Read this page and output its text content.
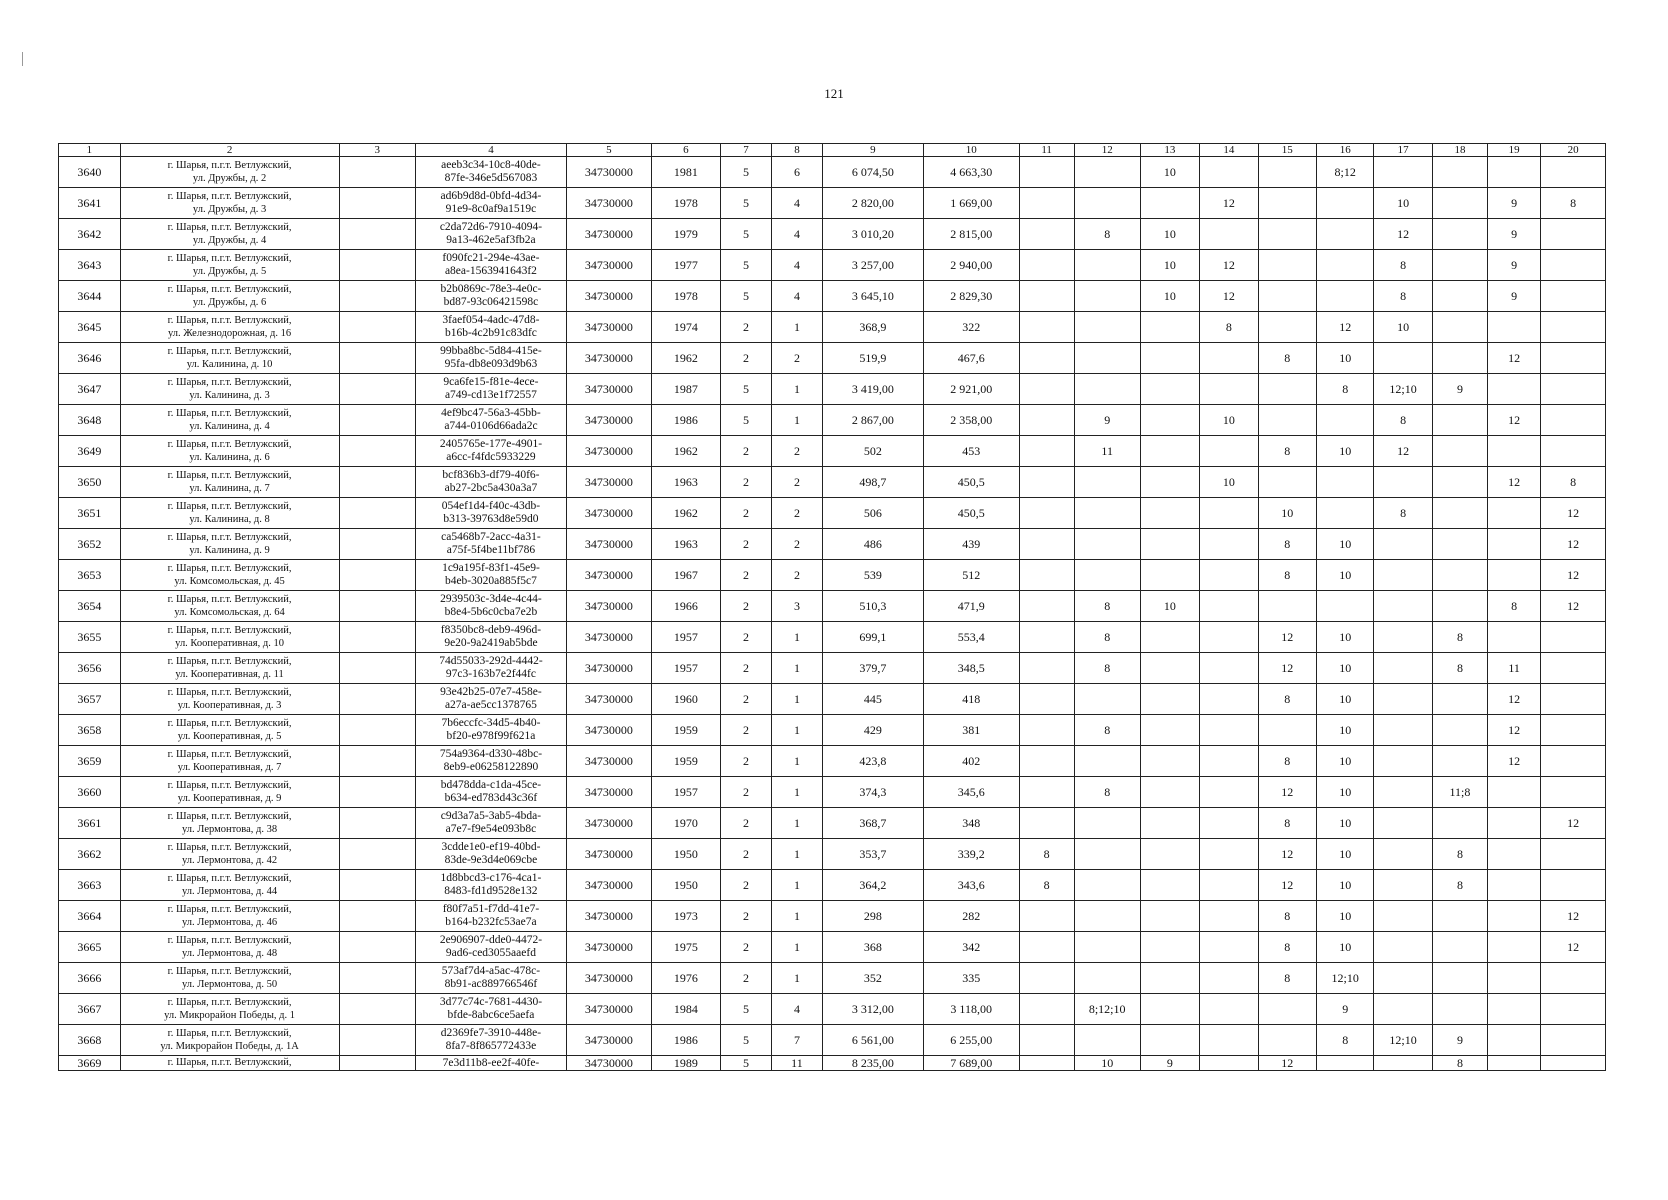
121
1	2	3	4	5	6	7	8	9	10	11	12	13	14	15	16	17	18	19	20
3640	г. Шарья, п.г.т. Ветлужский,
ул. Дружбы, д. 2		aeeb3c34-10c8-40de-
87fe-346e5d567083	34730000	1981	5	6	6 074,50	4 663,30			10			8;12				
3641	г. Шарья, п.г.т. Ветлужский,
ул. Дружбы, д. 3		ad6b9d8d-0bfd-4d34-
91e9-8c0af9a1519c	34730000	1978	5	4	2 820,00	1 669,00				12			10		9	8
3642	г. Шарья, п.г.т. Ветлужский,
ул. Дружбы, д. 4		c2da72d6-7910-4094-
9a13-462e5af3fb2a	34730000	1979	5	4	3 010,20	2 815,00		8	10				12		9	
3643	г. Шарья, п.г.т. Ветлужский,
ул. Дружбы, д. 5		f090fc21-294e-43ae-
a8ea-1563941643f2	34730000	1977	5	4	3 257,00	2 940,00			10	12			8		9	
3644	г. Шарья, п.г.т. Ветлужский,
ул. Дружбы, д. 6		b2b0869c-78e3-4e0c-
bd87-93c06421598c	34730000	1978	5	4	3 645,10	2 829,30			10	12			8		9	
3645	г. Шарья, п.г.т. Ветлужский,
ул. Железнодорожная, д. 16		3faef054-4adc-47d8-
b16b-4c2b91c83dfc	34730000	1974	2	1	368,9	322				8		12	10			
3646	г. Шарья, п.г.т. Ветлужский,
ул. Калинина, д. 10		99bba8bc-5d84-415e-
95fa-db8e093d9b63	34730000	1962	2	2	519,9	467,6					8	10			12	
3647	г. Шарья, п.г.т. Ветлужский,
ул. Калинина, д. 3		9ca6fe15-f81e-4ece-
a749-cd13e1f72557	34730000	1987	5	1	3 419,00	2 921,00						8	12;10	9		
3648	г. Шарья, п.г.т. Ветлужский,
ул. Калинина, д. 4		4ef9bc47-56a3-45bb-
a744-0106d66ada2c	34730000	1986	5	1	2 867,00	2 358,00		9		10			8		12	
3649	г. Шарья, п.г.т. Ветлужский,
ул. Калинина, д. 6		2405765e-177e-4901-
a6cc-f4fdc5933229	34730000	1962	2	2	502	453		11			8	10	12			
3650	г. Шарья, п.г.т. Ветлужский,
ул. Калинина, д. 7		bcf836b3-df79-40f6-
ab27-2bc5a430a3a7	34730000	1963	2	2	498,7	450,5				10					12	8
3651	г. Шарья, п.г.т. Ветлужский,
ул. Калинина, д. 8		054ef1d4-f40c-43db-
b313-39763d8e59d0	34730000	1962	2	2	506	450,5					10		8			12
3652	г. Шарья, п.г.т. Ветлужский,
ул. Калинина, д. 9		ca5468b7-2acc-4a31-
a75f-5f4be11bf786	34730000	1963	2	2	486	439					8	10				12
3653	г. Шарья, п.г.т. Ветлужский,
ул. Комсомольская, д. 45		1c9a195f-83f1-45e9-
b4eb-3020a885f5c7	34730000	1967	2	2	539	512					8	10				12
3654	г. Шарья, п.г.т. Ветлужский,
ул. Комсомольская, д. 64		2939503c-3d4e-4c44-
b8e4-5b6c0cba7e2b	34730000	1966	2	3	510,3	471,9		8	10						8	12
3655	г. Шарья, п.г.т. Ветлужский,
ул. Кооперативная, д. 10		f8350bc8-deb9-496d-
9e20-9a2419ab5bde	34730000	1957	2	1	699,1	553,4		8			12	10		8		
3656	г. Шарья, п.г.т. Ветлужский,
ул. Кооперативная, д. 11		74d55033-292d-4442-
97c3-163b7e2f44fc	34730000	1957	2	1	379,7	348,5		8			12	10		8	11	
3657	г. Шарья, п.г.т. Ветлужский,
ул. Кооперативная, д. 3		93e42b25-07e7-458e-
a27a-ae5cc1378765	34730000	1960	2	1	445	418					8	10			12	
3658	г. Шарья, п.г.т. Ветлужский,
ул. Кооперативная, д. 5		7b6eccfc-34d5-4b40-
bf20-e978f99f621a	34730000	1959	2	1	429	381		8				10			12	
3659	г. Шарья, п.г.т. Ветлужский,
ул. Кооперативная, д. 7		754a9364-d330-48bc-
8eb9-e06258122890	34730000	1959	2	1	423,8	402					8	10			12	
3660	г. Шарья, п.г.т. Ветлужский,
ул. Кооперативная, д. 9		bd478dda-c1da-45ce-
b634-ed783d43c36f	34730000	1957	2	1	374,3	345,6		8			12	10		11;8		
3661	г. Шарья, п.г.т. Ветлужский,
ул. Лермонтова, д. 38		c9d3a7a5-3ab5-4bda-
a7e7-f9e54e093b8c	34730000	1970	2	1	368,7	348					8	10				12
3662	г. Шарья, п.г.т. Ветлужский,
ул. Лермонтова, д. 42		3cdde1e0-ef19-40bd-
83de-9e3d4e069cbe	34730000	1950	2	1	353,7	339,2	8				12	10		8		
3663	г. Шарья, п.г.т. Ветлужский,
ул. Лермонтова, д. 44		1d8bbcd3-c176-4ca1-
8483-fd1d9528e132	34730000	1950	2	1	364,2	343,6	8				12	10		8		
3664	г. Шарья, п.г.т. Ветлужский,
ул. Лермонтова, д. 46		f80f7a51-f7dd-41e7-
b164-b232fc53ae7a	34730000	1973	2	1	298	282					8	10				12
3665	г. Шарья, п.г.т. Ветлужский,
ул. Лермонтова, д. 48		2e906907-dde0-4472-
9ad6-ced3055aaefd	34730000	1975	2	1	368	342					8	10				12
3666	г. Шарья, п.г.т. Ветлужский,
ул. Лермонтова, д. 50		573af7d4-a5ac-478c-
8b91-ac889766546f	34730000	1976	2	1	352	335					8	12;10				
3667	г. Шарья, п.г.т. Ветлужский,
ул. Микрорайон Победы, д. 1		3d77c74c-7681-4430-
bfde-8abc6ce5aefa	34730000	1984	5	4	3 312,00	3 118,00		8;12;10				9				
3668	г. Шарья, п.г.т. Ветлужский,
ул. Микрорайон Победы, д. 1А		d2369fe7-3910-448e-
8fa7-8f865772433e	34730000	1986	5	7	6 561,00	6 255,00						8	12;10	9		
3669	г. Шарья, п.г.т. Ветлужский,		7e3d11b8-ee2f-40fe-	34730000	1989	5	11	8 235,00	7 689,00		10	9		12			8		
